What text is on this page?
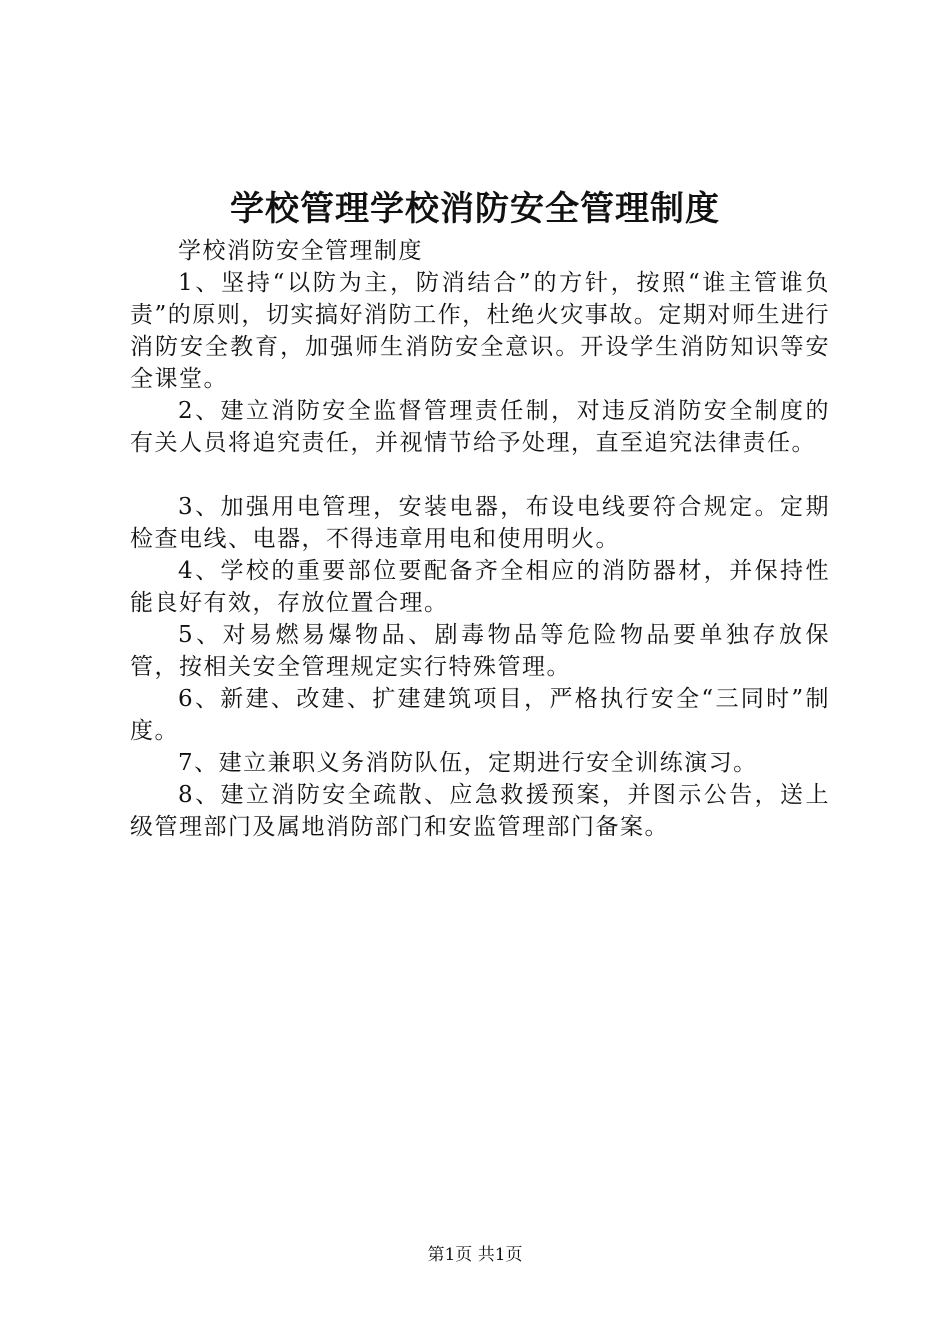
学校管理学校消防安全管理制度

学校消防安全管理制度

1、坚持“以防为主，防消结合”的方针，按照“谁主管谁负责”的原则，切实搞好消防工作，杜绝火灾事故。定期对师生进行消防安全教育，加强师生消防安全意识。开设学生消防知识等安全课堂。

2、建立消防安全监督管理责任制，对违反消防安全制度的有关人员将追究责任，并视情节给予处理，直至追究法律责任。

3、加强用电管理，安装电器，布设电线要符合规定。定期检查电线、电器，不得违章用电和使用明火。

4、学校的重要部位要配备齐全相应的消防器材，并保持性能良好有效，存放位置合理。

5、对易燃易爆物品、剧毒物品等危险物品要单独存放保管，按相关安全管理规定实行特殊管理。

6、新建、改建、扩建建筑项目，严格执行安全“三同时”制度。

7、建立兼职义务消防队伍，定期进行安全训练演习。

8、建立消防安全疏散、应急救援预案，并图示公告，送上级管理部门及属地消防部门和安监管理部门备案。

第1页 共1页
